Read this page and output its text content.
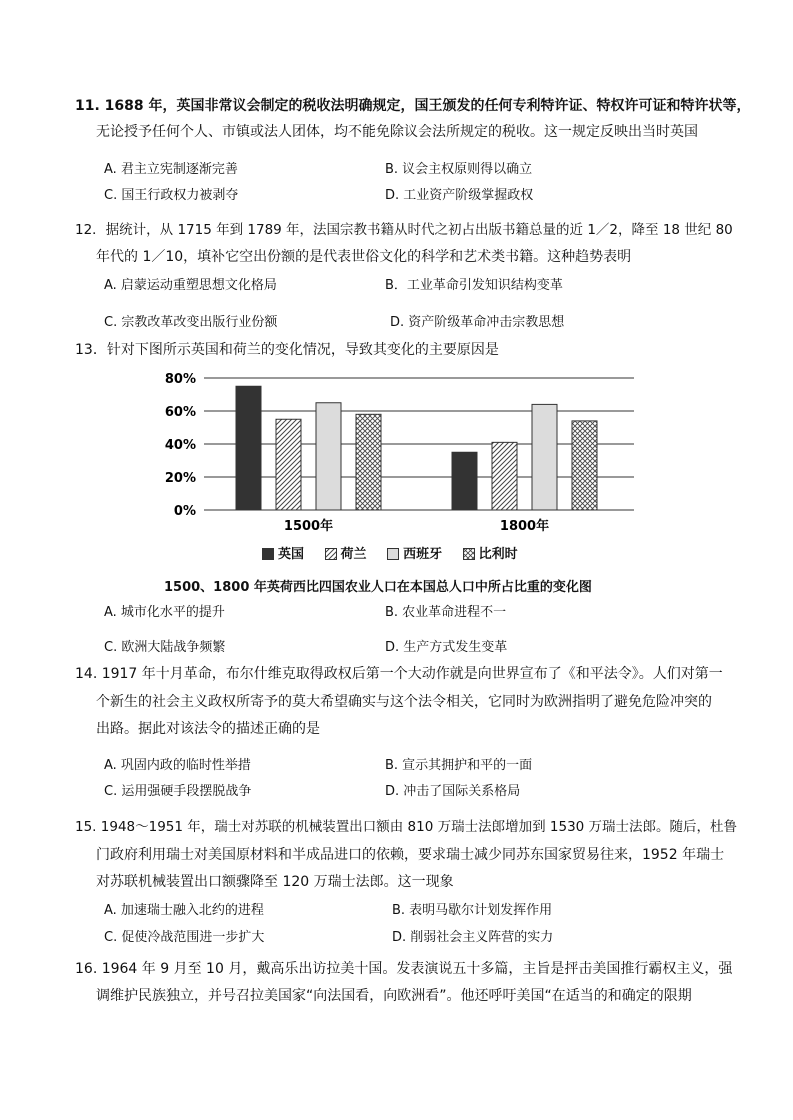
11. 1688 年，英国非常议会制定的税收法明确规定，国王颁发的任何专利特许证、特权许可证和特许状等，
无论授予任何个人、市镇或法人团体，均不能免除议会法所规定的税收。这一规定反映出当时英国
A. 君主立宪制逐渐完善	B. 议会主权原则得以确立
C. 国王行政权力被剥夺	D. 工业资产阶级掌握政权
12．据统计，从 1715 年到 1789 年，法国宗教书籍从时代之初占出版书籍总量的近 1／2，降至 18 世纪 80
年代的 1／10，填补它空出份额的是代表世俗文化的科学和艺术类书籍。这种趋势表明
A. 启蒙运动重塑思想文化格局	B．工业革命引发知识结构变革
C. 宗教改革改变出版行业份额	D. 资产阶级革命冲击宗教思想
13．针对下图所示英国和荷兰的变化情况，导致其变化的主要原因是
0%
20%
40%
60%
80%
1500年	1800年
英国	荷兰	西班牙	比利时
1500、1800 年英荷西比四国农业人口在本国总人口中所占比重的变化图
A. 城市化水平的提升	B. 农业革命进程不一
C. 欧洲大陆战争频繁	D. 生产方式发生变革
14. 1917 年十月革命，布尔什维克取得政权后第一个大动作就是向世界宣布了《和平法令》。人们对第一
个新生的社会主义政权所寄予的莫大希望确实与这个法令相关，它同时为欧洲指明了避免危险冲突的
出路。据此对该法令的描述正确的是
A. 巩固内政的临时性举措	B. 宣示其拥护和平的一面
C. 运用强硬手段摆脱战争	D. 冲击了国际关系格局
15. 1948～1951 年，瑞士对苏联的机械装置出口额由 810 万瑞士法郎增加到 1530 万瑞士法郎。随后，杜鲁
门政府利用瑞士对美国原材料和半成品进口的依赖，要求瑞士减少同苏东国家贸易往来，1952 年瑞士
对苏联机械装置出口额骤降至 120 万瑞士法郎。这一现象
A. 加速瑞士融入北约的进程	B. 表明马歇尔计划发挥作用
C. 促使冷战范围进一步扩大	D. 削弱社会主义阵营的实力
16. 1964 年 9 月至 10 月，戴高乐出访拉美十国。发表演说五十多篇，主旨是抨击美国推行霸权主义，强
调维护民族独立，并号召拉美国家“向法国看，向欧洲看”。他还呼吁美国“在适当的和确定的限期
